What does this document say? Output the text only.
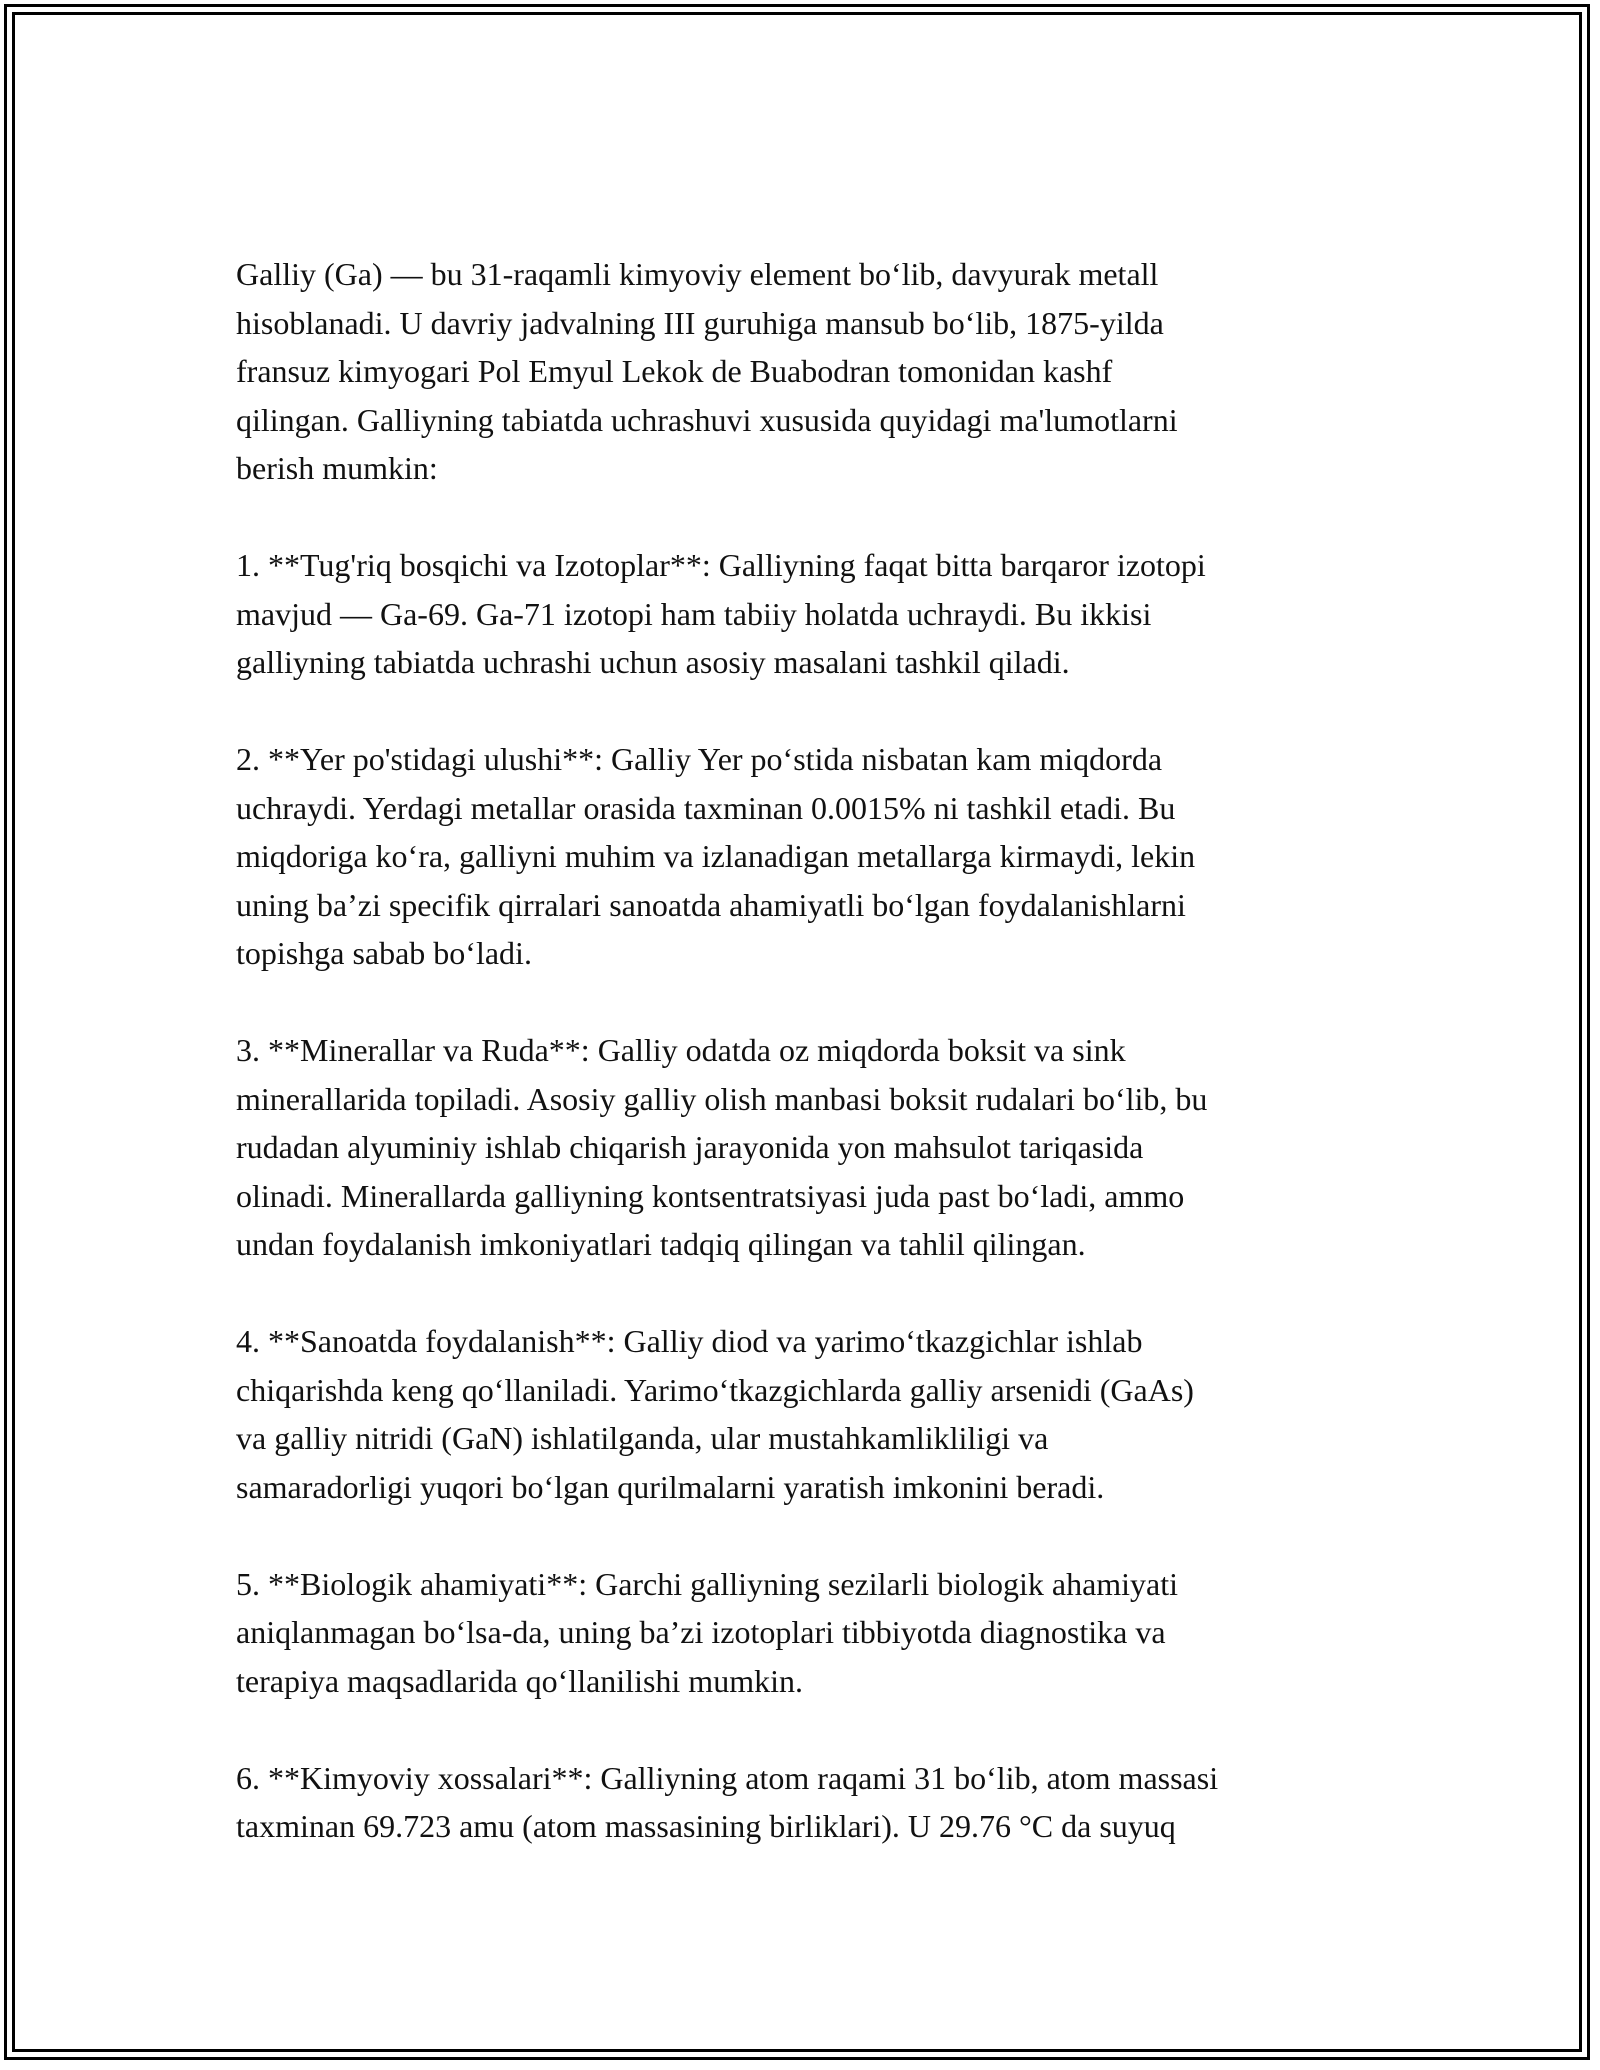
Galliy (Ga) — bu 31-raqamli kimyoviy element bo‘lib, davyurak metall
hisoblanadi. U davriy jadvalning III guruhiga mansub bo‘lib, 1875-yilda
fransuz kimyogari Pol Emyul Lekok de Buabodran tomonidan kashf
qilingan. Galliyning tabiatda uchrashuvi xususida quyidagi ma'lumotlarni
berish mumkin:

1. **Tug'riq bosqichi va Izotoplar**: Galliyning faqat bitta barqaror izotopi
mavjud — Ga-69. Ga-71 izotopi ham tabiiy holatda uchraydi. Bu ikkisi
galliyning tabiatda uchrashi uchun asosiy masalani tashkil qiladi.

2. **Yer po'stidagi ulushi**: Galliy Yer po‘stida nisbatan kam miqdorda
uchraydi. Yerdagi metallar orasida taxminan 0.0015% ni tashkil etadi. Bu
miqdoriga ko‘ra, galliyni muhim va izlanadigan metallarga kirmaydi, lekin
uning ba’zi specifik qirralari sanoatda ahamiyatli bo‘lgan foydalanishlarni
topishga sabab bo‘ladi.

3. **Minerallar va Ruda**: Galliy odatda oz miqdorda boksit va sink
minerallarida topiladi. Asosiy galliy olish manbasi boksit rudalari bo‘lib, bu
rudadan alyuminiy ishlab chiqarish jarayonida yon mahsulot tariqasida
olinadi. Minerallarda galliyning kontsentratsiyasi juda past bo‘ladi, ammo
undan foydalanish imkoniyatlari tadqiq qilingan va tahlil qilingan.

4. **Sanoatda foydalanish**: Galliy diod va yarimo‘tkazgichlar ishlab
chiqarishda keng qo‘llaniladi. Yarimo‘tkazgichlarda galliy arsenidi (GaAs)
va galliy nitridi (GaN) ishlatilganda, ular mustahkamlikliligi va
samaradorligi yuqori bo‘lgan qurilmalarni yaratish imkonini beradi.

5. **Biologik ahamiyati**: Garchi galliyning sezilarli biologik ahamiyati
aniqlanmagan bo‘lsa-da, uning ba’zi izotoplari tibbiyotda diagnostika va
terapiya maqsadlarida qo‘llanilishi mumkin.

6. **Kimyoviy xossalari**: Galliyning atom raqami 31 bo‘lib, atom massasi
taxminan 69.723 amu (atom massasining birliklari). U 29.76 °C da suyuq
